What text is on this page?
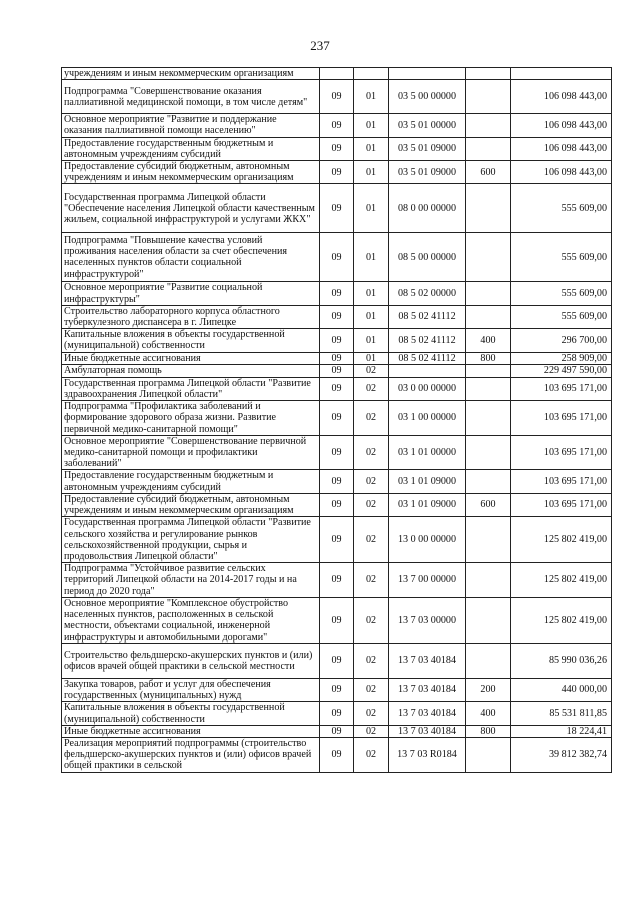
237
учреждениям и иным некоммерческим организациям					
Подпрограмма "Совершенствование оказания паллиативной медицинской помощи, в том числе детям"	09	01	03 5 00 00000		106 098 443,00
Основное мероприятие "Развитие и поддержание оказания паллиативной помощи населению"	09	01	03 5 01 00000		106 098 443,00
Предоставление государственным бюджетным и автономным учреждениям субсидий	09	01	03 5 01 09000		106 098 443,00
Предоставление субсидий бюджетным, автономным учреждениям и иным некоммерческим организациям	09	01	03 5 01 09000	600	106 098 443,00
Государственная программа Липецкой области "Обеспечение населения Липецкой области качественным жильем, социальной инфраструктурой и услугами ЖКХ"	09	01	08 0 00 00000		555 609,00
Подпрограмма "Повышение качества условий проживания населения области за счет обеспечения населенных пунктов области социальной инфраструктурой"	09	01	08 5 00 00000		555 609,00
Основное мероприятие "Развитие социальной инфраструктуры"	09	01	08 5 02 00000		555 609,00
Строительство лабораторного корпуса областного туберкулезного диспансера в г. Липецке	09	01	08 5 02 41112		555 609,00
Капитальные вложения в объекты государственной (муниципальной) собственности	09	01	08 5 02 41112	400	296 700,00
Иные бюджетные ассигнования	09	01	08 5 02 41112	800	258 909,00
Амбулаторная помощь	09	02			229 497 590,00
Государственная программа Липецкой области "Развитие здравоохранения Липецкой области"	09	02	03 0 00 00000		103 695 171,00
Подпрограмма "Профилактика заболеваний и формирование здорового образа жизни. Развитие первичной медико-санитарной помощи"	09	02	03 1 00 00000		103 695 171,00
Основное мероприятие "Совершенствование первичной медико-санитарной помощи и профилактики заболеваний"	09	02	03 1 01 00000		103 695 171,00
Предоставление государственным бюджетным и автономным учреждениям субсидий	09	02	03 1 01 09000		103 695 171,00
Предоставление субсидий бюджетным, автономным учреждениям и иным некоммерческим организациям	09	02	03 1 01 09000	600	103 695 171,00
Государственная программа Липецкой области "Развитие сельского хозяйства и регулирование рынков сельскохозяйственной продукции, сырья и продовольствия Липецкой области"	09	02	13 0 00 00000		125 802 419,00
Подпрограмма "Устойчивое развитие сельских территорий Липецкой области на 2014-2017 годы и на период до 2020 года"	09	02	13 7 00 00000		125 802 419,00
Основное мероприятие "Комплексное обустройство населенных пунктов, расположенных в сельской местности, объектами социальной, инженерной инфраструктуры и автомобильными дорогами"	09	02	13 7 03 00000		125 802 419,00
Строительство фельдшерско-акушерских пунктов и (или) офисов врачей общей практики в сельской местности	09	02	13 7 03 40184		85 990 036,26
Закупка товаров, работ и услуг для обеспечения государственных (муниципальных) нужд	09	02	13 7 03 40184	200	440 000,00
Капитальные вложения в объекты государственной (муниципальной) собственности	09	02	13 7 03 40184	400	85 531 811,85
Иные бюджетные ассигнования	09	02	13 7 03 40184	800	18 224,41
Реализация мероприятий подпрограммы (строительство фельдшерско-акушерских пунктов и (или) офисов врачей общей практики в сельской	09	02	13 7 03 R0184		39 812 382,74
